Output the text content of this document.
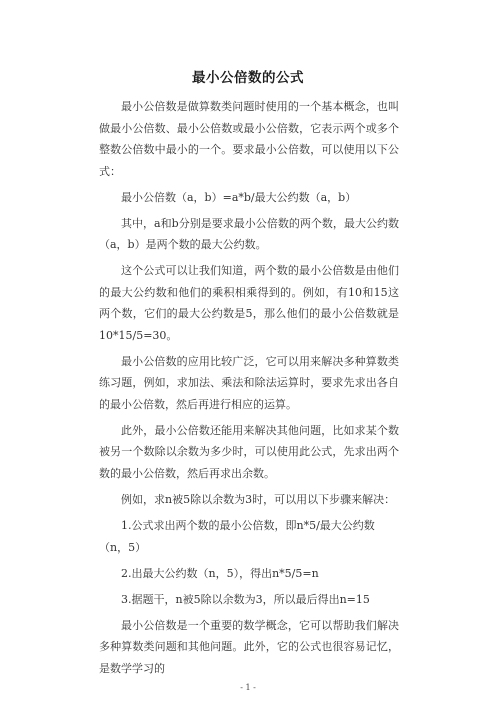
最小公倍数的公式

最小公倍数是做算数类问题时使用的一个基本概念，也叫做最小公倍数、最小公倍数或最小公倍数，它表示两个或多个整数公倍数中最小的一个。要求最小公倍数，可以使用以下公式：

最小公倍数（a，b）=a*b/最大公约数（a，b）

其中，a和b分别是要求最小公倍数的两个数，最大公约数（a，b）是两个数的最大公约数。

这个公式可以让我们知道，两个数的最小公倍数是由他们的最大公约数和他们的乘积相乘得到的。例如，有10和15这两个数，它们的最大公约数是5，那么他们的最小公倍数就是10*15/5=30。

最小公倍数的应用比较广泛，它可以用来解决多种算数类练习题，例如，求加法、乘法和除法运算时，要求先求出各自的最小公倍数，然后再进行相应的运算。

此外，最小公倍数还能用来解决其他问题，比如求某个数被另一个数除以余数为多少时，可以使用此公式，先求出两个数的最小公倍数，然后再求出余数。

例如，求n被5除以余数为3时，可以用以下步骤来解决：

1.公式求出两个数的最小公倍数，即n*5/最大公约数（n，5）

2.出最大公约数（n，5），得出n*5/5=n

3.据题干，n被5除以余数为3，所以最后得出n=15

最小公倍数是一个重要的数学概念，它可以帮助我们解决多种算数类问题和其他问题。此外，它的公式也很容易记忆，是数学学习的

- 1 -
